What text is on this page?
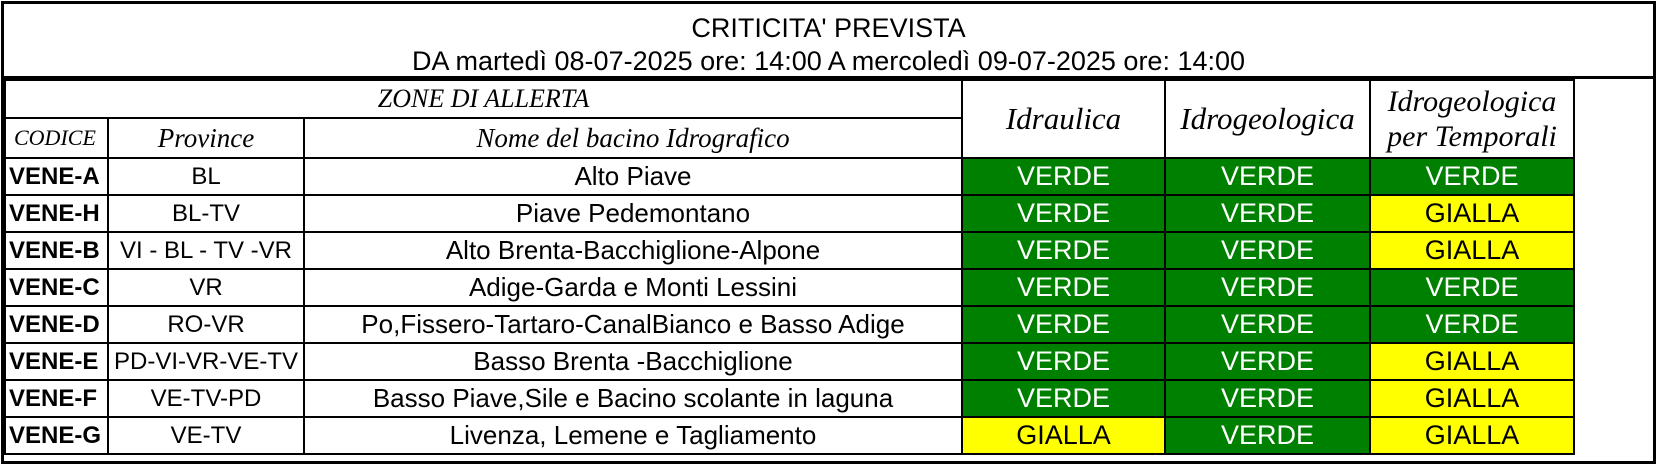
CRITICITA' PREVISTA
DA martedì 08-07-2025 ore: 14:00 A mercoledì 09-07-2025 ore: 14:00
ZONE DI ALLERTA			Idraulica	Idrogeologica	Idrogeologica
per Temporali
CODICE	Province	Nome del bacino Idrografico			
VENE-A	BL	Alto Piave	VERDE	VERDE	VERDE
VENE-H	BL-TV	Piave Pedemontano	VERDE	VERDE	GIALLA
VENE-B	VI - BL - TV -VR	Alto Brenta-Bacchiglione-Alpone	VERDE	VERDE	GIALLA
VENE-C	VR	Adige-Garda e Monti Lessini	VERDE	VERDE	VERDE
VENE-D	RO-VR	Po,Fissero-Tartaro-CanalBianco e Basso Adige	VERDE	VERDE	VERDE
VENE-E	PD-VI-VR-VE-TV	Basso Brenta -Bacchiglione	VERDE	VERDE	GIALLA
VENE-F	VE-TV-PD	Basso Piave,Sile e Bacino scolante in laguna	VERDE	VERDE	GIALLA
VENE-G	VE-TV	Livenza, Lemene e Tagliamento	GIALLA	VERDE	GIALLA
